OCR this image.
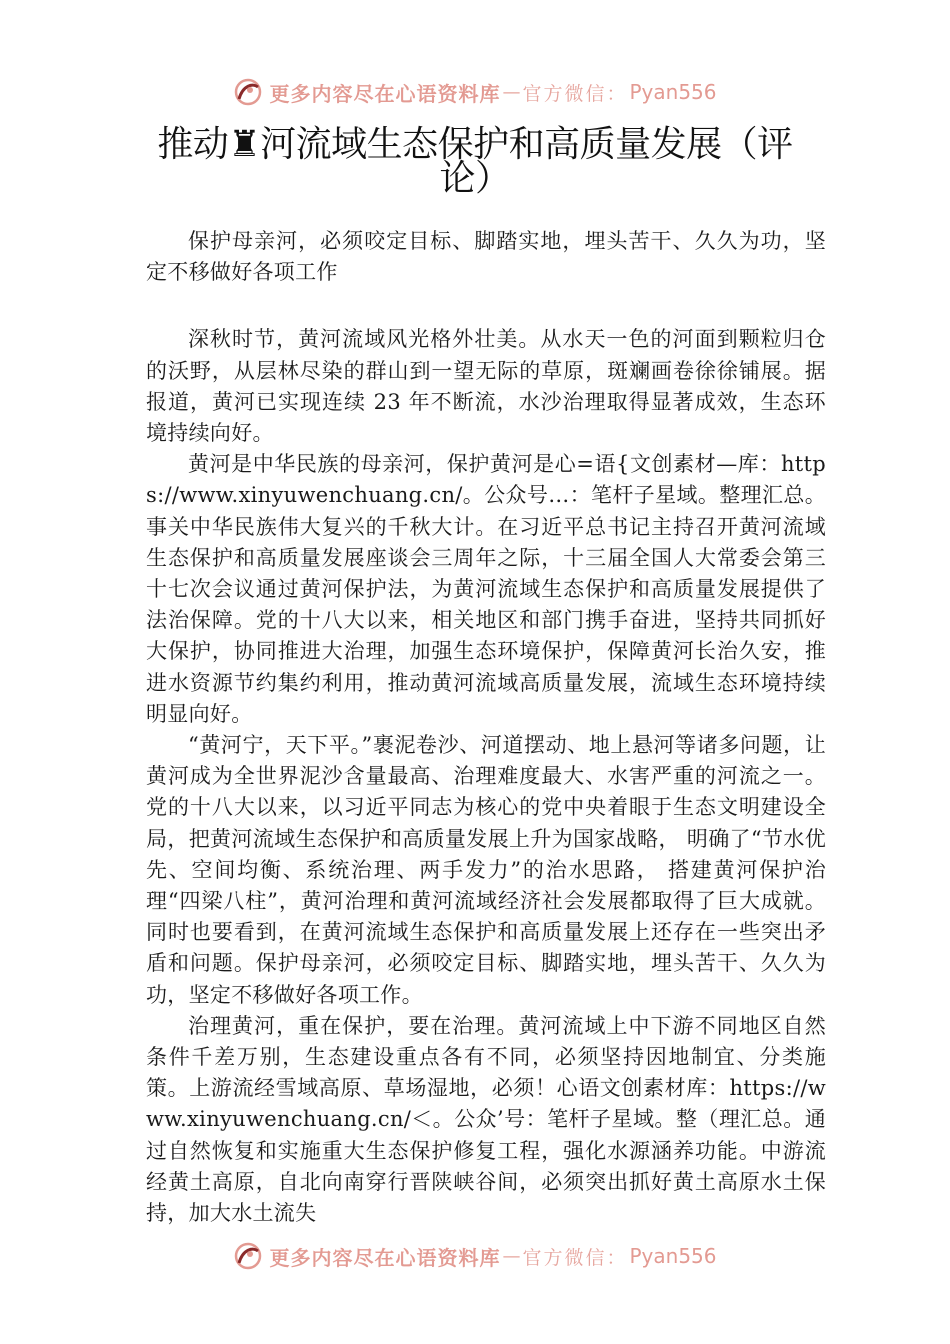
更多内容尽在心语资料库 — 官方微信： Pyan556
推动♜河流域生态保护和高质量发展（评论）

保护母亲河，必须咬定目标、脚踏实地，埋头苦干、久久为功，坚定不移做好各项工作

深秋时节，黄河流域风光格外壮美。从水天一色的河面到颗粒归仓的沃野，从层林尽染的群山到一望无际的草原，斑斓画卷徐徐铺展。据报道，黄河已实现连续 23 年不断流，水沙治理取得显著成效，生态环境持续向好。

黄河是中华民族的母亲河，保护黄河是心=语{文创素材—库：https://www.xinyuwenchuang.cn/。公众号…：笔杆子星域。整理汇总。事关中华民族伟大复兴的千秋大计。在习近平总书记主持召开黄河流域生态保护和高质量发展座谈会三周年之际，十三届全国人大常委会第三十七次会议通过黄河保护法，为黄河流域生态保护和高质量发展提供了法治保障。党的十八大以来，相关地区和部门携手奋进，坚持共同抓好大保护，协同推进大治理，加强生态环境保护，保障黄河长治久安，推进水资源节约集约利用，推动黄河流域高质量发展，流域生态环境持续明显向好。

“黄河宁，天下平。”裹泥卷沙、河道摆动、地上悬河等诸多问题，让黄河成为全世界泥沙含量最高、治理难度最大、水害严重的河流之一。党的十八大以来，以习近平同志为核心的党中央着眼于生态文明建设全局，把黄河流域生态保护和高质量发展上升为国家战略， 明确了“节水优先、空间均衡、系统治理、两手发力”的治水思路， 搭建黄河保护治理“四梁八柱”，黄河治理和黄河流域经济社会发展都取得了巨大成就。同时也要看到，在黄河流域生态保护和高质量发展上还存在一些突出矛盾和问题。保护母亲河，必须咬定目标、脚踏实地，埋头苦干、久久为功，坚定不移做好各项工作。

治理黄河，重在保护，要在治理。黄河流域上中下游不同地区自然条件千差万别，生态建设重点各有不同，必须坚持因地制宜、分类施策。上游流经雪域高原、草场湿地，必须！心语文创素材库：https://www.xinyuwenchuang.cn/＜。公众’号：笔杆子星域。整（理汇总。通过自然恢复和实施重大生态保护修复工程，强化水源涵养功能。中游流经黄土高原，自北向南穿行晋陕峡谷间，必须突出抓好黄土高原水土保持，加大水土流失

更多内容尽在心语资料库 — 官方微信： Pyan556
